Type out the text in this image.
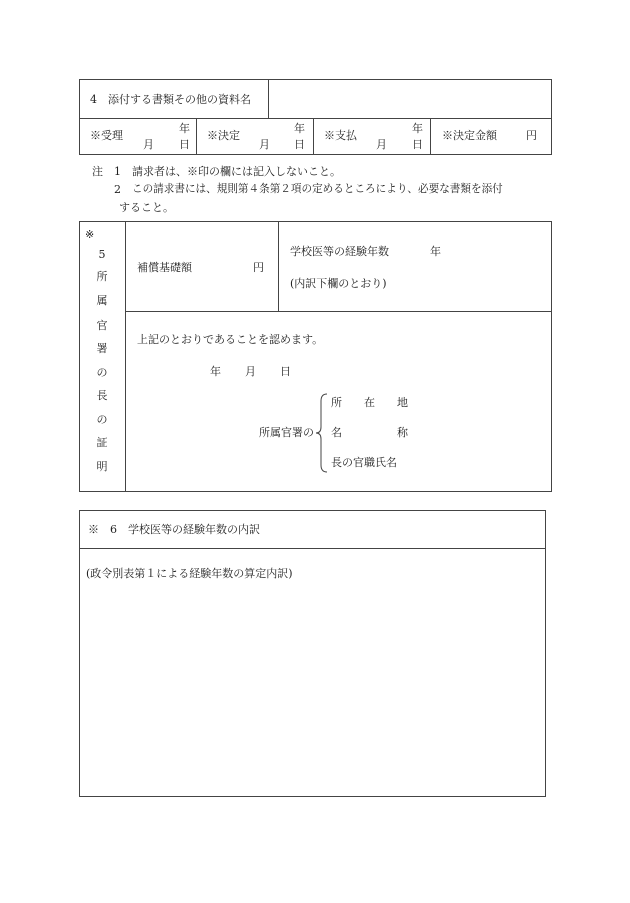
4　添付する書類その他の資料名
※受理
年
月 日
※決定
年
月 日
※支払
年
月 日
※決定金額	円
注 1 請求者は、※印の欄には記入しないこと。
2 この請求書には、規則第４条第２項の定めるところにより、必要な書類を添付
すること。
※
5
所
属
官
署
の
長
の
証
明
補償基礎額	円
学校医等の経験年数	年
(内訳下欄のとおり)
上記のとおりであることを認めます。
年 月 日
所属官署の
所　　在　　地
名　　　　　称
長の官職氏名
※　6　学校医等の経験年数の内訳
(政令別表第１による経験年数の算定内訳)
